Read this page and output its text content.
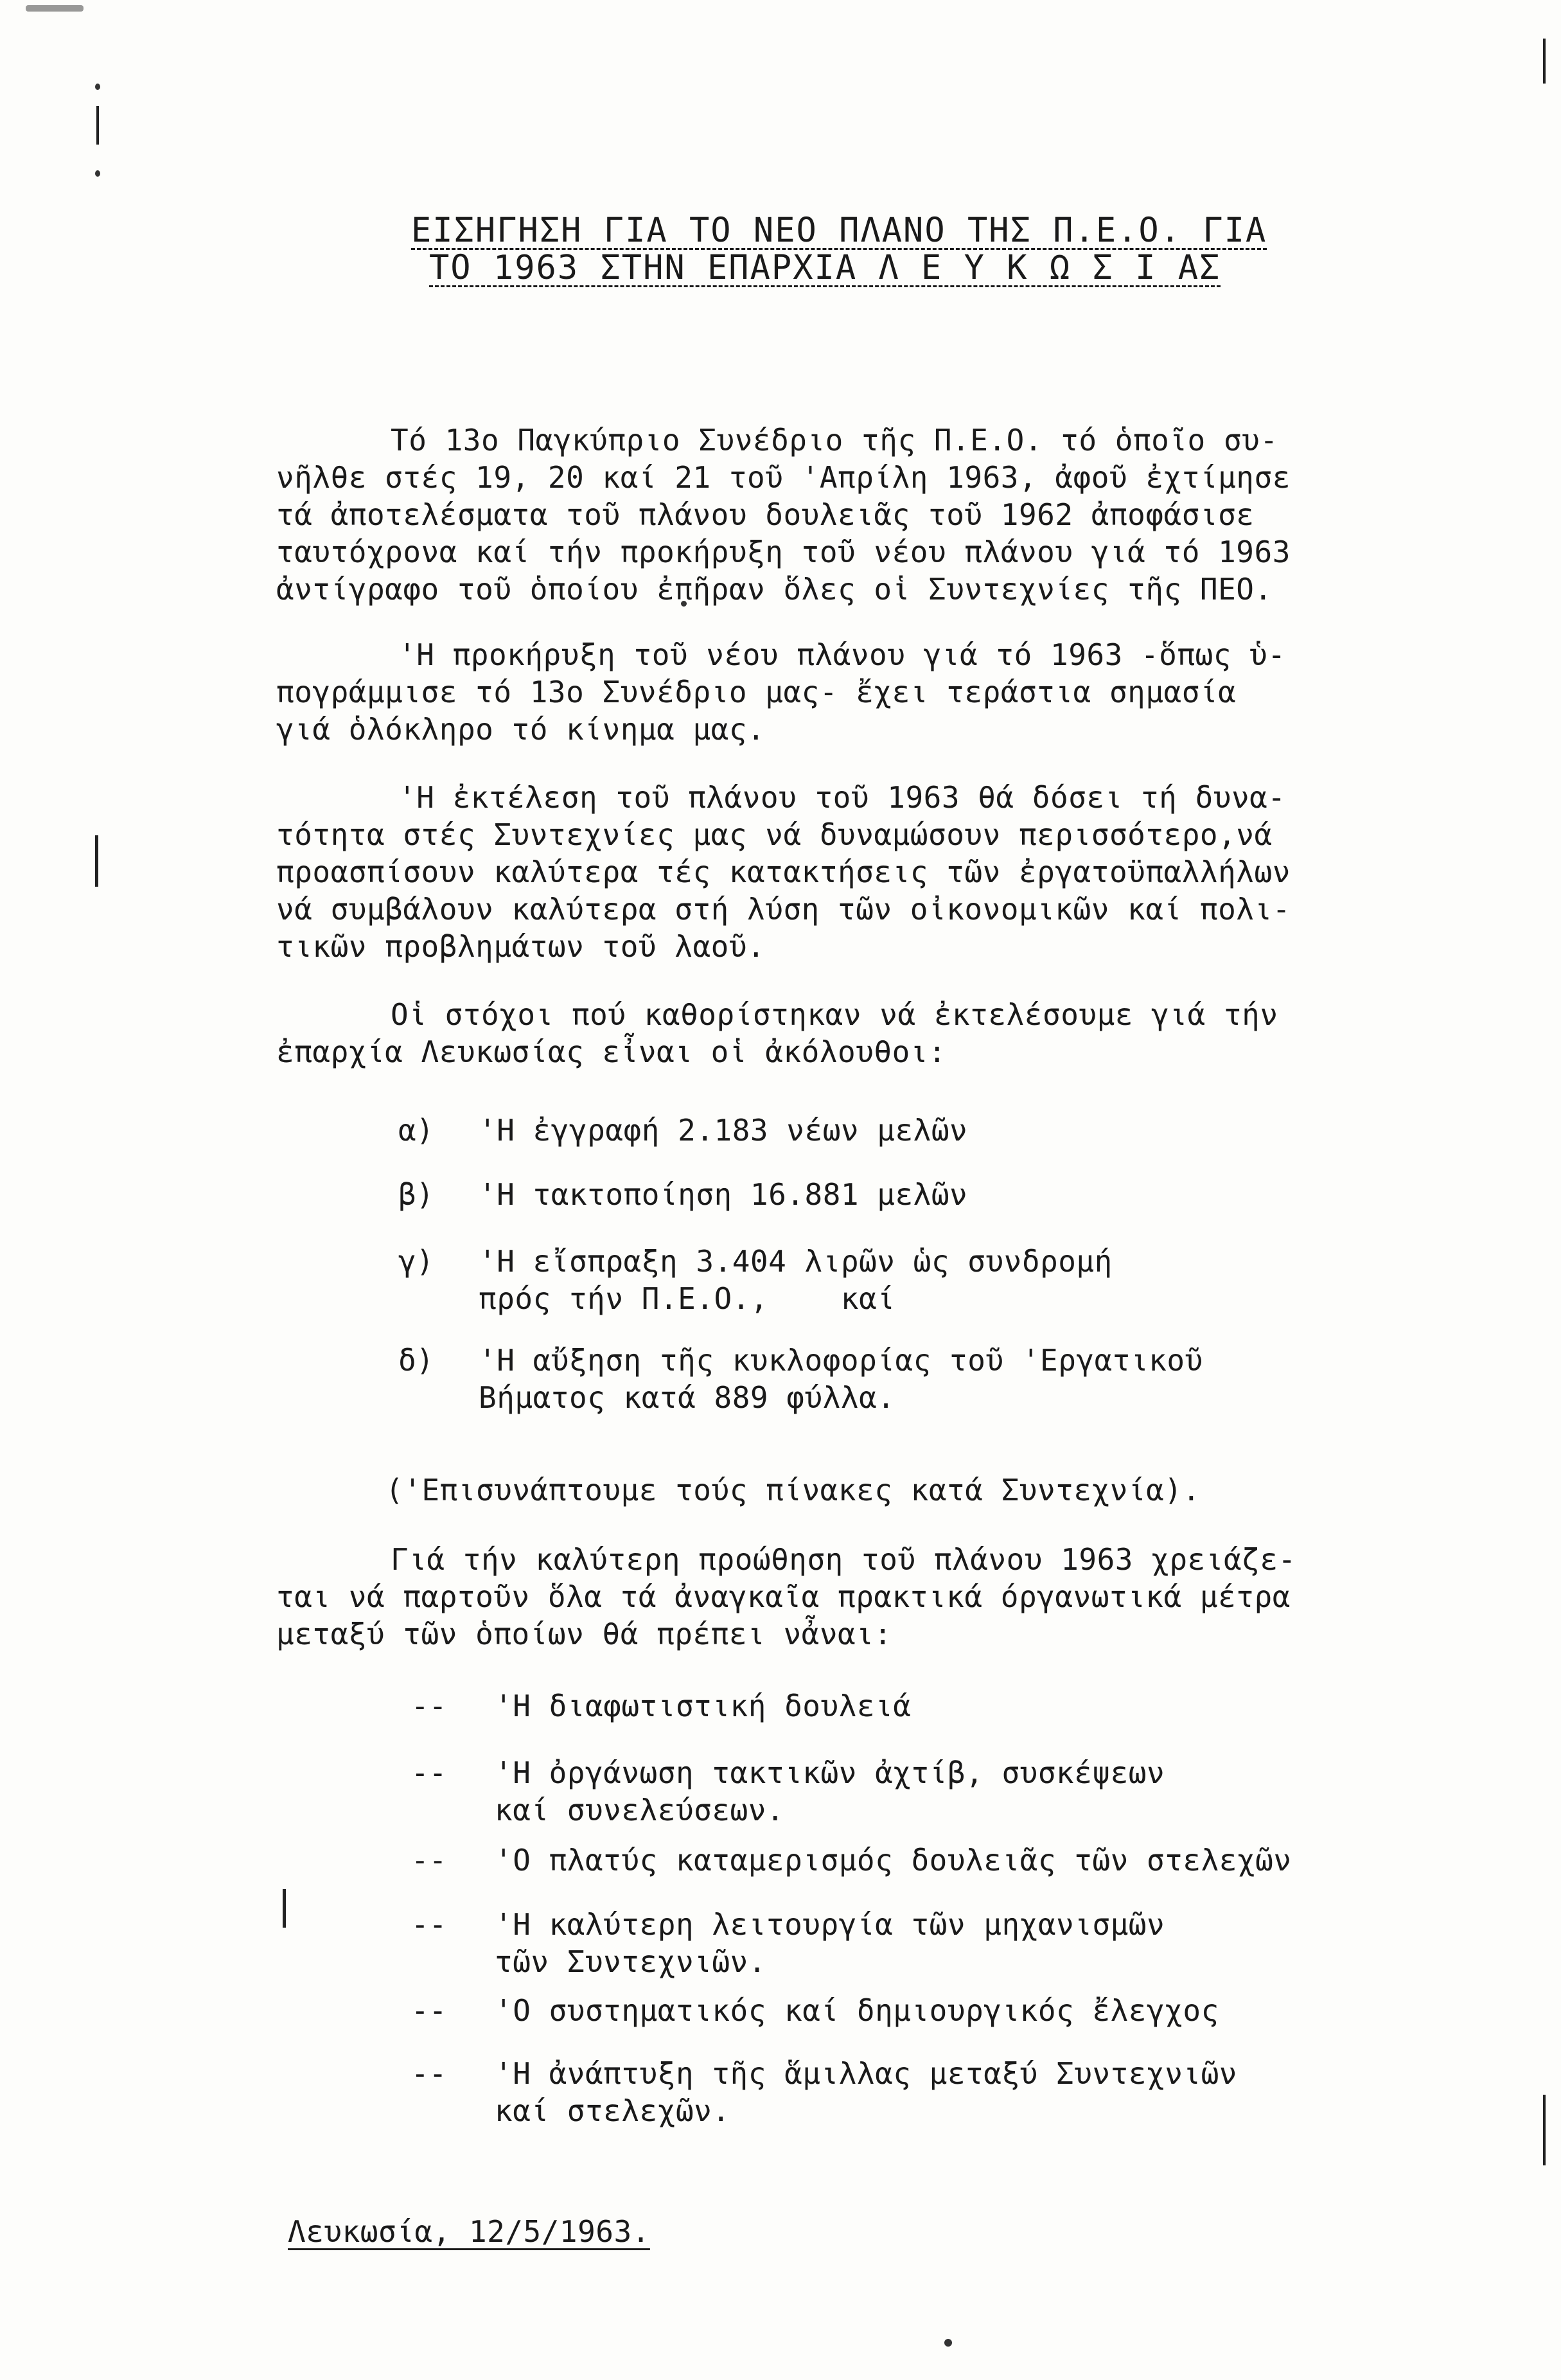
ΕΙΣΗΓΗΣΗ ΓΙΑ ΤΟ ΝΕΟ ΠΛΑΝΟ ΤΗΣ Π.Ε.Ο. ΓΙΑ
ΤΟ 1963 ΣΤΗΝ ΕΠΑΡΧΙΑ Λ Ε Υ Κ Ω Σ Ι ΑΣ
Τό 13ο Παγκύπριο Συνέδριο τῆς Π.Ε.Ο. τό ὁποῖο συ-
νῆλθε στές 19, 20 καί 21 τοῦ 'Απρίλη 1963, ἀφοῦ ἐχτίμησε
τά ἀποτελέσματα τοῦ πλάνου δουλειᾶς τοῦ 1962 ἀποφάσισε
ταυτόχρονα καί τήν προκήρυξη τοῦ νέου πλάνου γιά τό 1963
ἀντίγραφο τοῦ ὁποίου ἐπῆραν ὅλες οἱ Συντεχνίες τῆς ΠΕΟ.
'Η προκήρυξη τοῦ νέου πλάνου γιά τό 1963 -ὅπως ὑ-
πογράμμισε τό 13ο Συνέδριο μας- ἔχει τεράστια σημασία
γιά ὁλόκληρο τό κίνημα μας.
'Η ἐκτέλεση τοῦ πλάνου τοῦ 1963 θά δόσει τή δυνα-
τότητα στές Συντεχνίες μας νά δυναμώσουν περισσότερο,νά
προασπίσουν καλύτερα τές κατακτήσεις τῶν ἐργατοϋπαλλήλων
νά συμβάλουν καλύτερα στή λύση τῶν οἰκονομικῶν καί πολι-
τικῶν προβλημάτων τοῦ λαοῦ.
Οἱ στόχοι πού καθορίστηκαν νά ἐκτελέσουμε γιά τήν
ἐπαρχία Λευκωσίας εἶναι οἱ ἀκόλουθοι:
α) 'Η ἐγγραφή 2.183 νέων μελῶν
β) 'Η τακτοποίηση 16.881 μελῶν
γ) 'Η εἴσπραξη 3.404 λιρῶν ὡς συνδρομή
πρός τήν Π.Ε.Ο.,    καί
δ) 'Η αὔξηση τῆς κυκλοφορίας τοῦ 'Εργατικοῦ
Βήματος κατά 889 φύλλα.
('Επισυνάπτουμε τούς πίνακες κατά Συντεχνία).
Γιά τήν καλύτερη προώθηση τοῦ πλάνου 1963 χρειάζε-
ται νά παρτοῦν ὅλα τά ἀναγκαῖα πρακτικά όργανωτικά μέτρα
μεταξύ τῶν ὁποίων θά πρέπει νἆναι:
-- 'Η διαφωτιστική δουλειά
-- 'Η ὀργάνωση τακτικῶν ἀχτίβ, συσκέψεων
καί συνελεύσεων.
-- 'Ο πλατύς καταμερισμός δουλειᾶς τῶν στελεχῶν
-- 'Η καλύτερη λειτουργία τῶν μηχανισμῶν
τῶν Συντεχνιῶν.
-- 'Ο συστηματικός καί δημιουργικός ἔλεγχος
-- 'Η ἀνάπτυξη τῆς ἅμιλλας μεταξύ Συντεχνιῶν
καί στελεχῶν.
Λευκωσία, 12/5/1963.
